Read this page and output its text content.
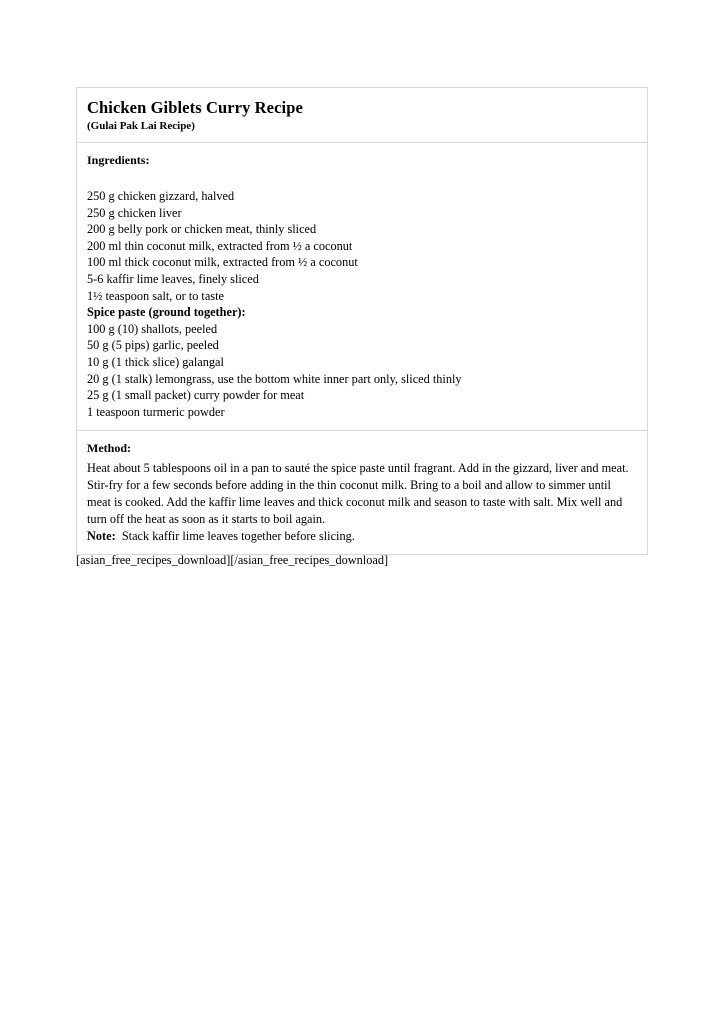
Chicken Giblets Curry Recipe

(Gulai Pak Lai Recipe)

Ingredients:
250 g chicken gizzard, halved
250 g chicken liver
200 g belly pork or chicken meat, thinly sliced
200 ml thin coconut milk, extracted from ½ a coconut
100 ml thick coconut milk, extracted from ½ a coconut
5-6 kaffir lime leaves, finely sliced
1½ teaspoon salt, or to taste
Spice paste (ground together):
100 g (10) shallots, peeled
50 g (5 pips) garlic, peeled
10 g (1 thick slice) galangal
20 g (1 stalk) lemongrass, use the bottom white inner part only, sliced thinly
25 g (1 small packet) curry powder for meat
1 teaspoon turmeric powder
Method:

Heat about 5 tablespoons oil in a pan to sauté the spice paste until fragrant. Add in the gizzard, liver and meat. Stir-fry for a few seconds before adding in the thin coconut milk. Bring to a boil and allow to simmer until meat is cooked. Add the kaffir lime leaves and thick coconut milk and season to taste with salt. Mix well and turn off the heat as soon as it starts to boil again.

Note: Stack kaffir lime leaves together before slicing.

[asian_free_recipes_download][/asian_free_recipes_download]
